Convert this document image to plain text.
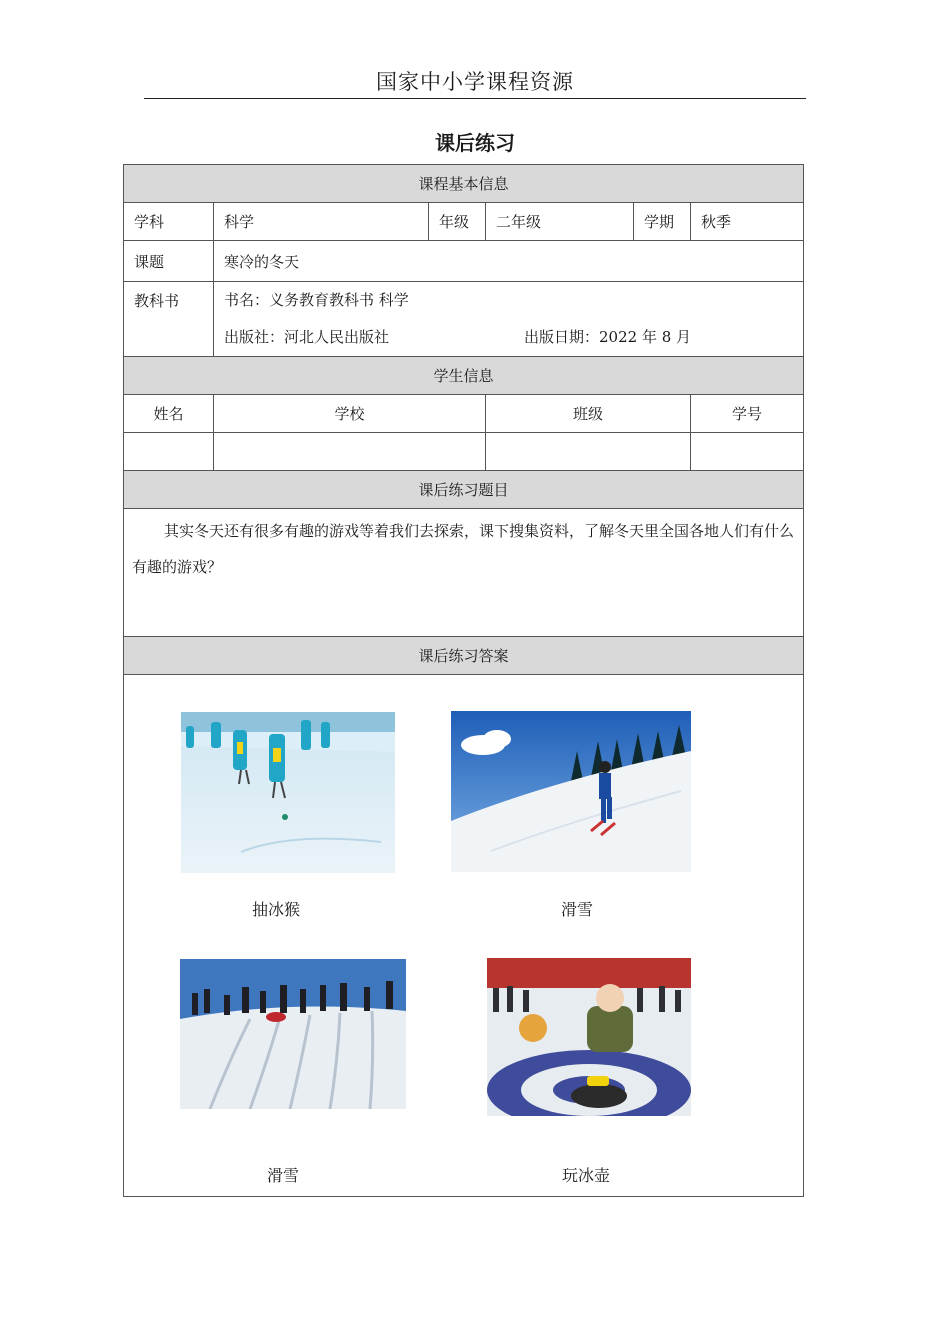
国家中小学课程资源
课后练习
课程基本信息					
学科	科学	年级	二年级	学期	秋季
课题	寒冷的冬天				
教科书	书名：义务教育教科书 科学
出版社：河北人民出版社 出版日期：2022 年 8 月				

学生信息					
姓名	学校		班级		学号

课后练习题目					
其实冬天还有很多有趣的游戏等着我们去探索，课下搜集资料，了解冬天里全国各地人们有什么有趣的游戏？					
课后练习答案					

抽冰猴 滑雪
滑雪 玩冰壶					
